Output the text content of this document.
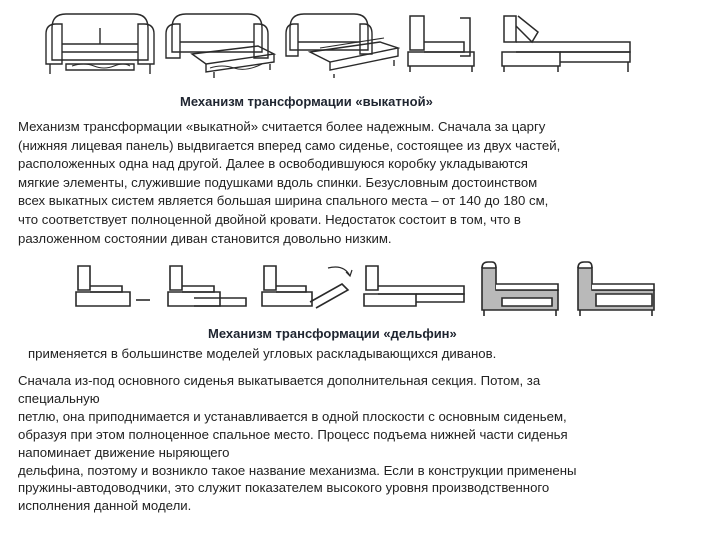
Механизм трансформации «выкатной»
Механизм трансформации «выкатной» считается более надежным. Сначала за царгу
(нижняя лицевая панель) выдвигается вперед само сиденье, состоящее из двух частей,
расположенных одна над другой. Далее в освободившуюся коробку укладываются
мягкие элементы, служившие подушками вдоль спинки. Безусловным достоинством
всех выкатных систем является большая ширина спального места – от 140 до 180 см,
что соответствует полноценной двойной кровати. Недостаток состоит в том, что в
разложенном состоянии диван становится довольно низким.
Механизм трансформации «дельфин»
применяется в большинстве моделей угловых раскладывающихся диванов.
Сначала из-под основного сиденья выкатывается дополнительная секция. Потом, за
специальную
петлю, она приподнимается и устанавливается в одной плоскости с основным сиденьем,
образуя при этом полноценное спальное место. Процесс подъема нижней части сиденья
напоминает движение ныряющего
дельфина, поэтому и возникло такое название механизма. Если в конструкции применены
пружины-автодоводчики, это служит показателем высокого уровня производственного
исполнения данной модели.
